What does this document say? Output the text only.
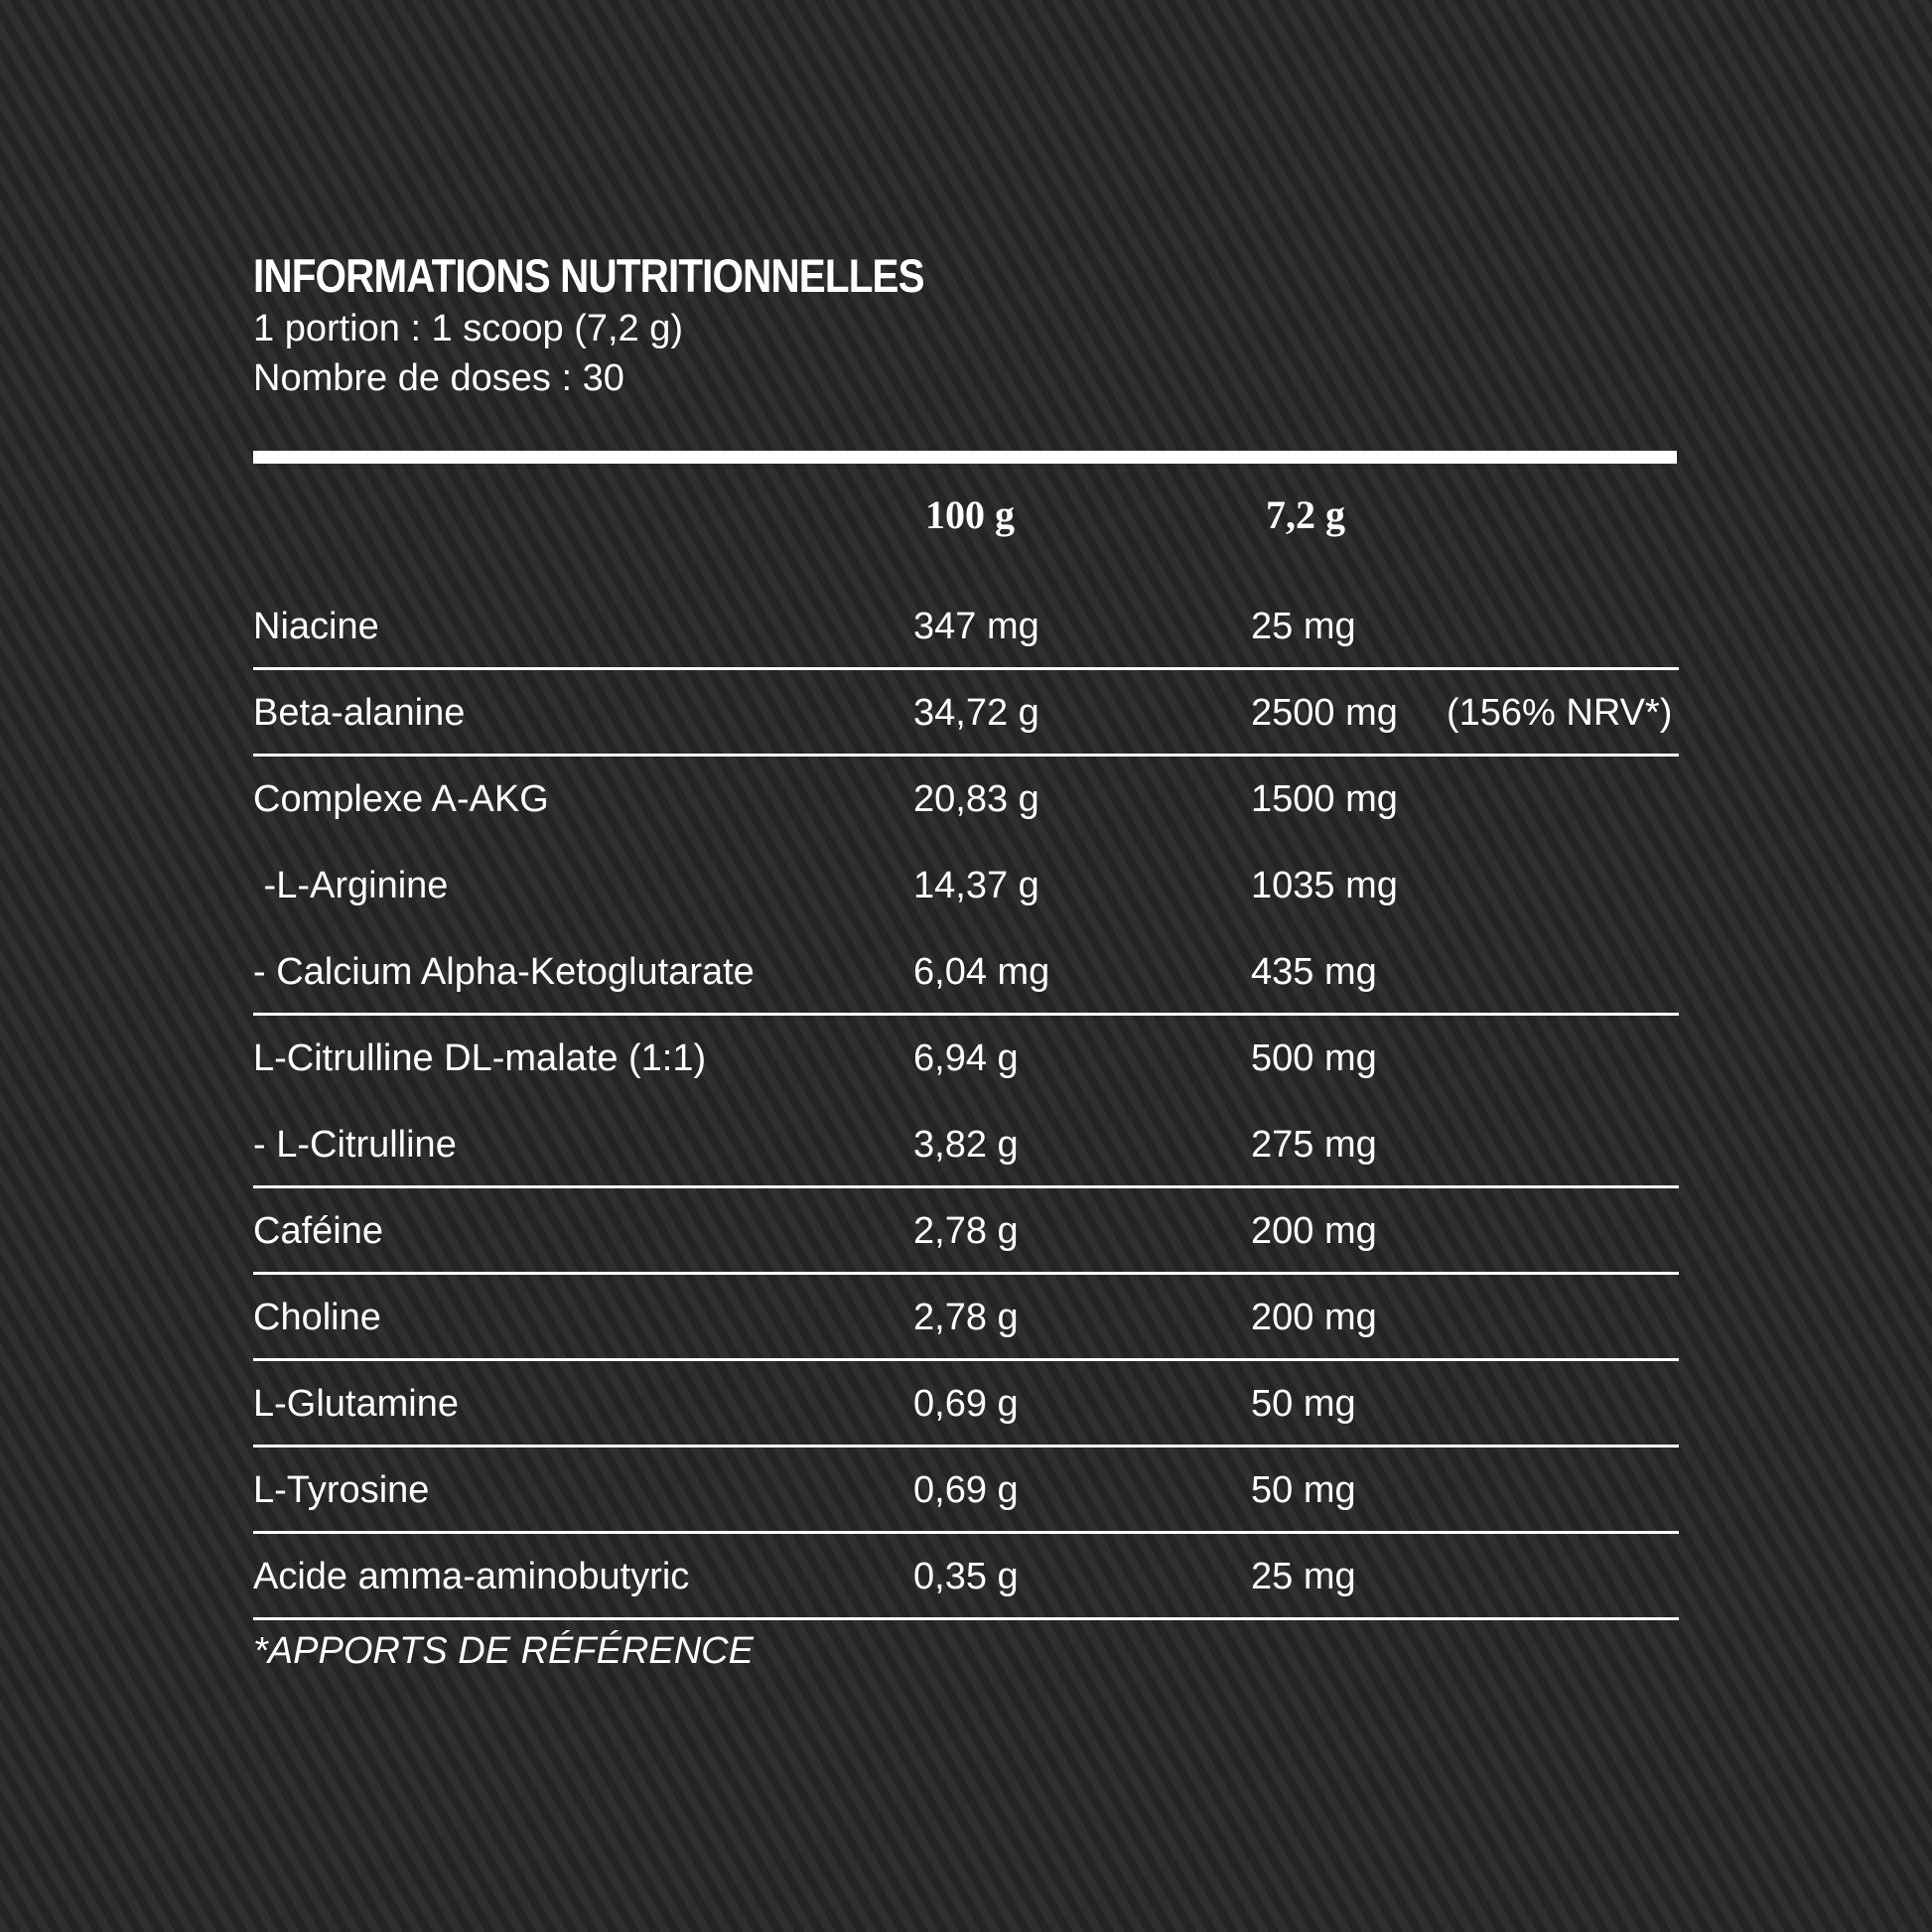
INFORMATIONS NUTRITIONNELLES
1 portion : 1 scoop (7,2 g)
Nombre de doses : 30
100 g	7,2 g
Niacine	347 mg	25 mg
Beta-alanine	34,72 g	2500 mg (156% NRV*)
Complexe A-AKG	20,83 g	1500 mg
-L-Arginine	14,37 g	1035 mg
- Calcium Alpha-Ketoglutarate	6,04 mg	435 mg
L-Citrulline DL-malate (1:1)	6,94 g	500 mg
- L-Citrulline	3,82 g	275 mg
Caféine	2,78 g	200 mg
Choline	2,78 g	200 mg
L-Glutamine	0,69 g	50 mg
L-Tyrosine	0,69 g	50 mg
Acide amma-aminobutyric	0,35 g	25 mg
*APPORTS DE RÉFÉRENCE
